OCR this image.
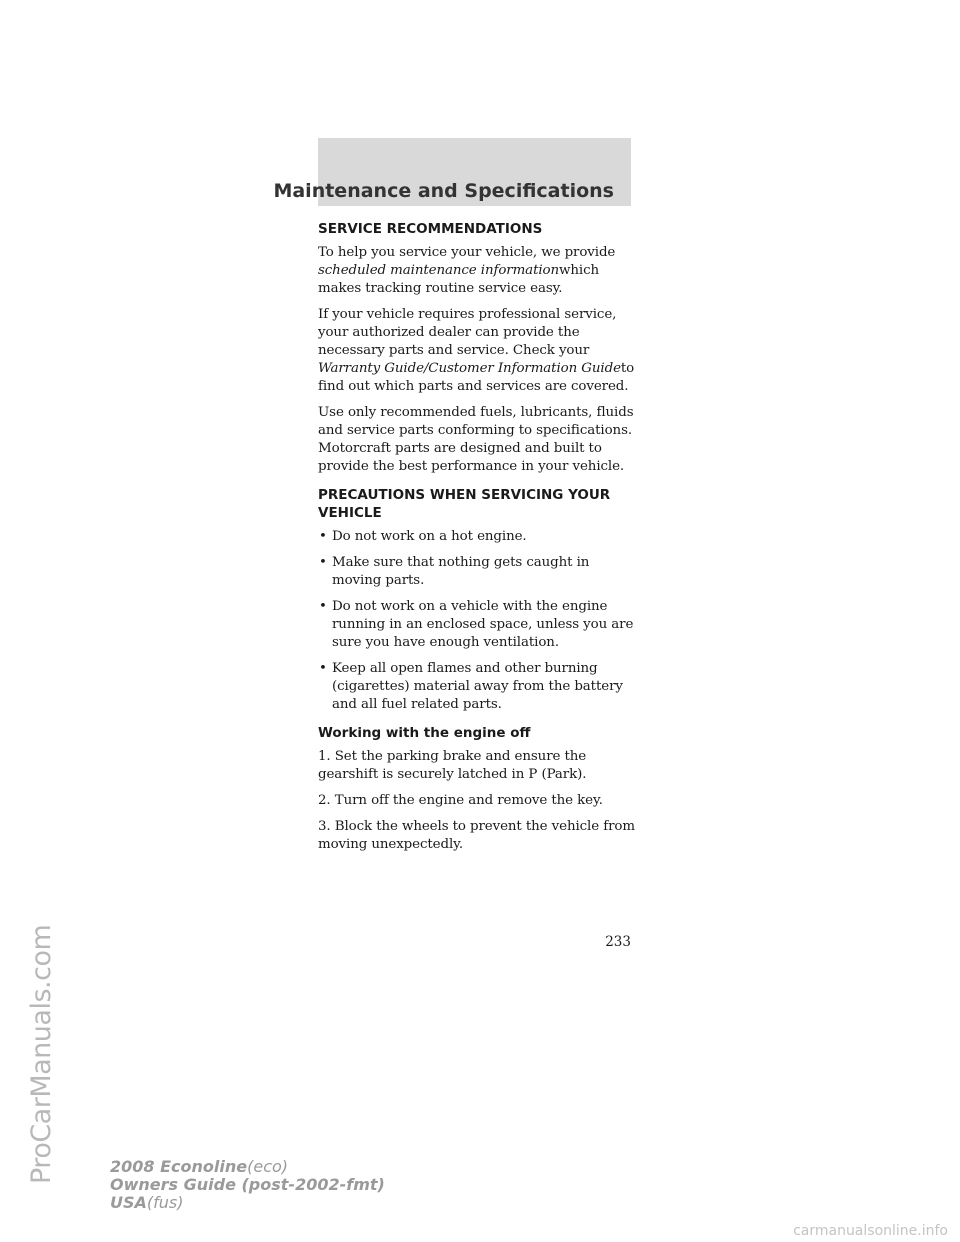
Maintenance and Specifications
SERVICE RECOMMENDATIONS

To help you service your vehicle, we provide scheduled maintenance informationwhich makes tracking routine service easy.

If your vehicle requires professional service, your authorized dealer can provide the necessary parts and service. Check your Warranty Guide/Customer Information Guideto find out which parts and services are covered.

Use only recommended fuels, lubricants, fluids and service parts conforming to specifications. Motorcraft parts are designed and built to provide the best performance in your vehicle.

PRECAUTIONS WHEN SERVICING YOUR VEHICLE
• Do not work on a hot engine.
• Make sure that nothing gets caught in moving parts.
• Do not work on a vehicle with the engine running in an enclosed space, unless you are sure you have enough ventilation.
• Keep all open flames and other burning (cigarettes) material away from the battery and all fuel related parts.
Working with the engine off

1. Set the parking brake and ensure the gearshift is securely latched in P (Park).

2. Turn off the engine and remove the key.

3. Block the wheels to prevent the vehicle from moving unexpectedly.

233
2008 Econoline(eco)
Owners Guide (post-2002-fmt)
USA(fus)
ProCarManuals.com
carmanualsonline.info
